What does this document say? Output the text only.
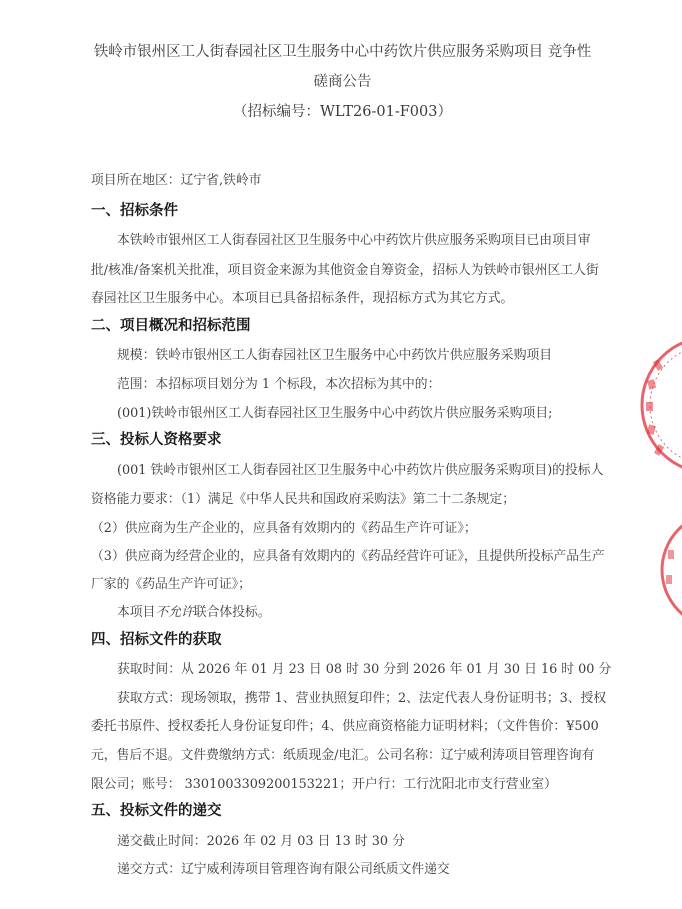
铁岭市银州区工人街春园社区卫生服务中心中药饮片供应服务采购项目 竞争性
磋商公告
（招标编号：WLT26-01-F003）
项目所在地区：辽宁省,铁岭市
一、招标条件
本铁岭市银州区工人街春园社区卫生服务中心中药饮片供应服务采购项目已由项目审
批/核准/备案机关批准，项目资金来源为其他资金自筹资金，招标人为铁岭市银州区工人街
春园社区卫生服务中心。本项目已具备招标条件，现招标方式为其它方式。
二、项目概况和招标范围
规模：铁岭市银州区工人街春园社区卫生服务中心中药饮片供应服务采购项目
范围：本招标项目划分为 1 个标段，本次招标为其中的：
(001)铁岭市银州区工人街春园社区卫生服务中心中药饮片供应服务采购项目;
三、投标人资格要求
(001 铁岭市银州区工人街春园社区卫生服务中心中药饮片供应服务采购项目)的投标人
资格能力要求：（1）满足《中华人民共和国政府采购法》第二十二条规定；
（2）供应商为生产企业的，应具备有效期内的《药品生产许可证》；
（3）供应商为经营企业的，应具备有效期内的《药品经营许可证》，且提供所投标产品生产
厂家的《药品生产许可证》；
本项目不允许联合体投标。
四、招标文件的获取
获取时间：从 2026 年 01 月 23 日 08 时 30 分到 2026 年 01 月 30 日 16 时 00 分
获取方式：现场领取，携带 1、营业执照复印件；2、法定代表人身份证明书；3、授权
委托书原件、授权委托人身份证复印件；4、供应商资格能力证明材料；（文件售价：¥500
元，售后不退。文件费缴纳方式：纸质现金/电汇。公司名称：辽宁威利涛项目管理咨询有
限公司；账号： 3301003309200153221；开户行：工行沈阳北市支行营业室）
五、投标文件的递交
递交截止时间：2026 年 02 月 03 日 13 时 30 分
递交方式：辽宁威利涛项目管理咨询有限公司纸质文件递交
